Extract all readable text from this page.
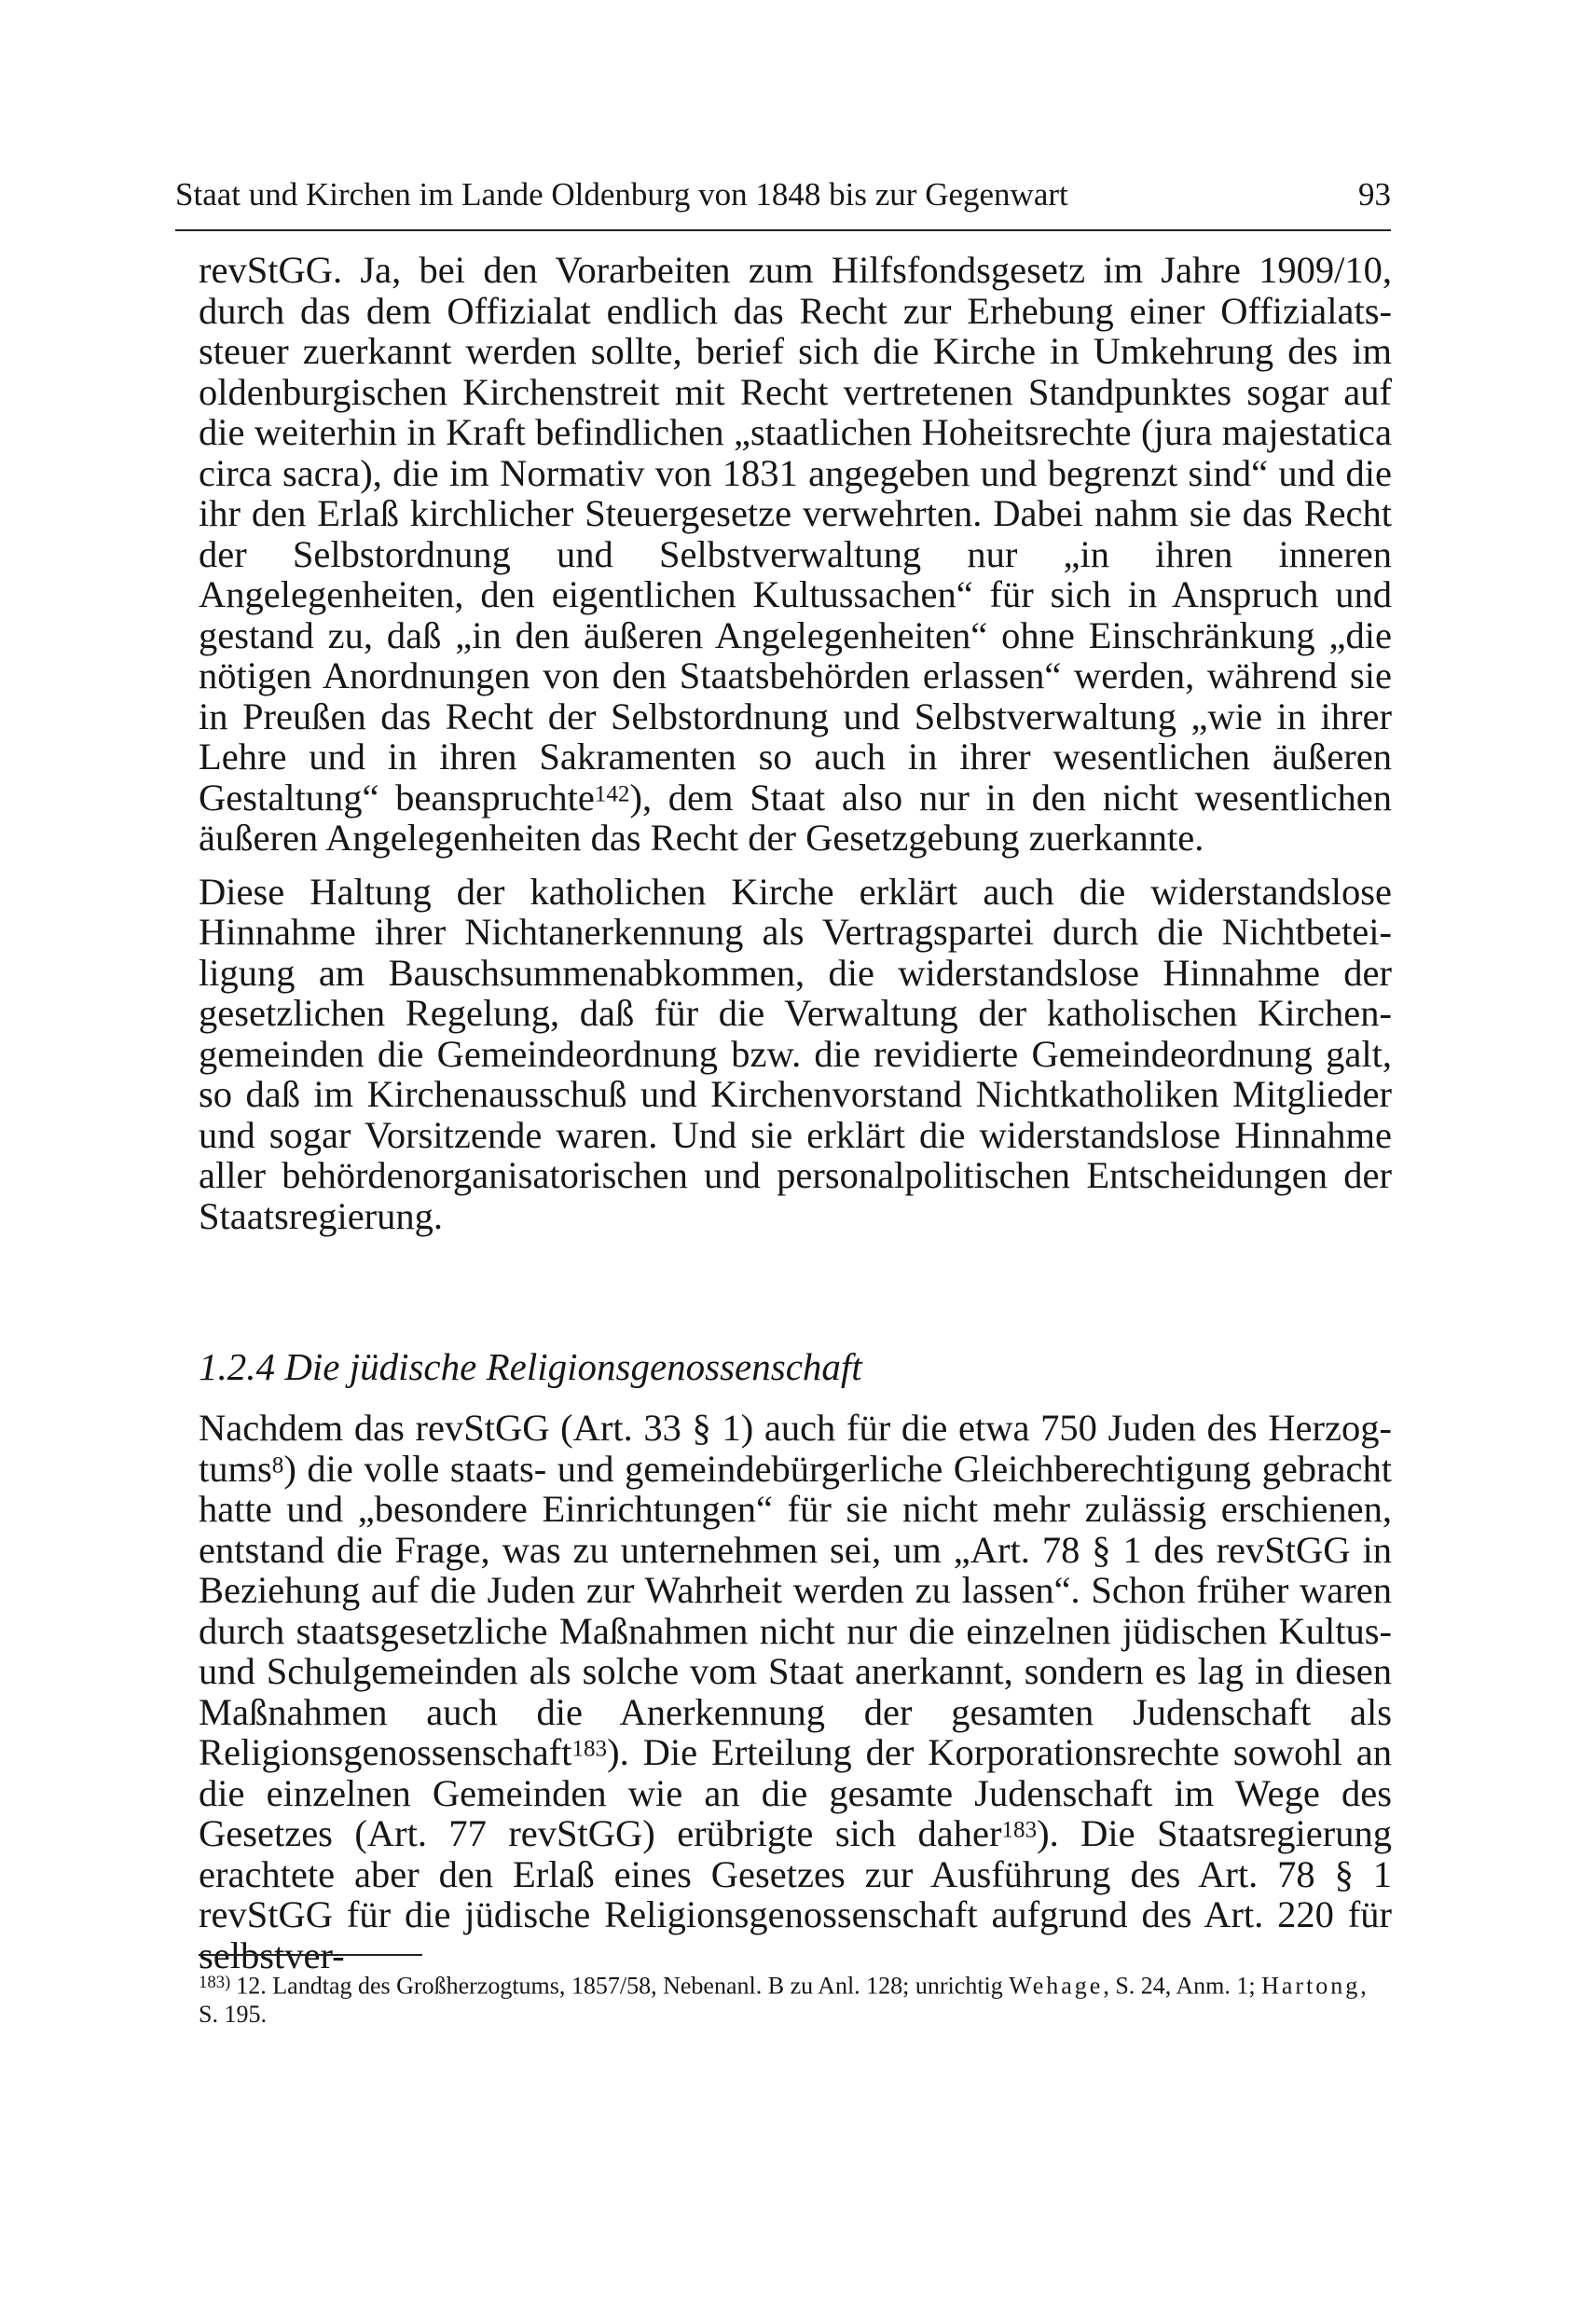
Staat und Kirchen im Lande Oldenburg von 1848 bis zur Gegenwart	93

revStGG. Ja, bei den Vorarbeiten zum Hilfsfondsgesetz im Jahre 1909/10, durch das dem Offizialat endlich das Recht zur Erhebung einer Offizialatssteuer zuerkannt werden sollte, berief sich die Kirche in Umkehrung des im oldenburgischen Kirchenstreit mit Recht vertretenen Standpunktes sogar auf die weiterhin in Kraft befindlichen „staatlichen Hoheitsrechte (jura majestatica circa sacra), die im Normativ von 1831 angegeben und begrenzt sind“ und die ihr den Erlaß kirchlicher Steuergesetze verwehrten. Dabei nahm sie das Recht der Selbstordnung und Selbstverwaltung nur „in ihren inneren Angelegenheiten, den eigentlichen Kultussachen“ für sich in Anspruch und gestand zu, daß „in den äußeren Angelegenheiten“ ohne Einschränkung „die nötigen Anordnungen von den Staatsbehörden erlassen“ werden, während sie in Preußen das Recht der Selbstordnung und Selbstverwaltung „wie in ihrer Lehre und in ihren Sakramenten so auch in ihrer wesentlichen äußeren Gestaltung“ beanspruchte$^{142}$), dem Staat also nur in den nicht wesentlichen äußeren Angelegenheiten das Recht der Gesetzgebung zuerkannte.

Diese Haltung der katholichen Kirche erklärt auch die widerstandslose Hinnahme ihrer Nichtanerkennung als Vertragspartei durch die Nichtbeteiligung am Bauschsummenabkommen, die widerstandslose Hinnahme der gesetzlichen Regelung, daß für die Verwaltung der katholischen Kirchengemeinden die Gemeindeordnung bzw. die revidierte Gemeindeordnung galt, so daß im Kirchenausschuß und Kirchenvorstand Nichtkatholiken Mitglieder und sogar Vorsitzende waren. Und sie erklärt die widerstandslose Hinnahme aller behördenorganisatorischen und personalpolitischen Entscheidungen der Staatsregierung.

1.2.4 Die jüdische Religionsgenossenschaft

Nachdem das revStGG (Art. 33 § 1) auch für die etwa 750 Juden des Herzogtums$^8$) die volle staats- und gemeindebürgerliche Gleichberechtigung gebracht hatte und „besondere Einrichtungen“ für sie nicht mehr zulässig erschienen, entstand die Frage, was zu unternehmen sei, um „Art. 78 § 1 des revStGG in Beziehung auf die Juden zur Wahrheit werden zu lassen“. Schon früher waren durch staatsgesetzliche Maßnahmen nicht nur die einzelnen jüdischen Kultus- und Schulgemeinden als solche vom Staat anerkannt, sondern es lag in diesen Maßnahmen auch die Anerkennung der gesamten Judenschaft als Religionsgenossenschaft$^{183}$). Die Erteilung der Korporationsrechte sowohl an die einzelnen Gemeinden wie an die gesamte Judenschaft im Wege des Gesetzes (Art. 77 revStGG) erübrigte sich daher$^{183}$). Die Staatsregierung erachtete aber den Erlaß eines Gesetzes zur Ausführung des Art. 78 § 1 revStGG für die jüdische Religionsgenossenschaft aufgrund des Art. 220 für selbstver-

$^{183)}$ 12. Landtag des Großherzogtums, 1857/58, Nebenanl. B zu Anl. 128; unrichtig Wehage, S. 24, Anm. 1; Hartong, S. 195.
